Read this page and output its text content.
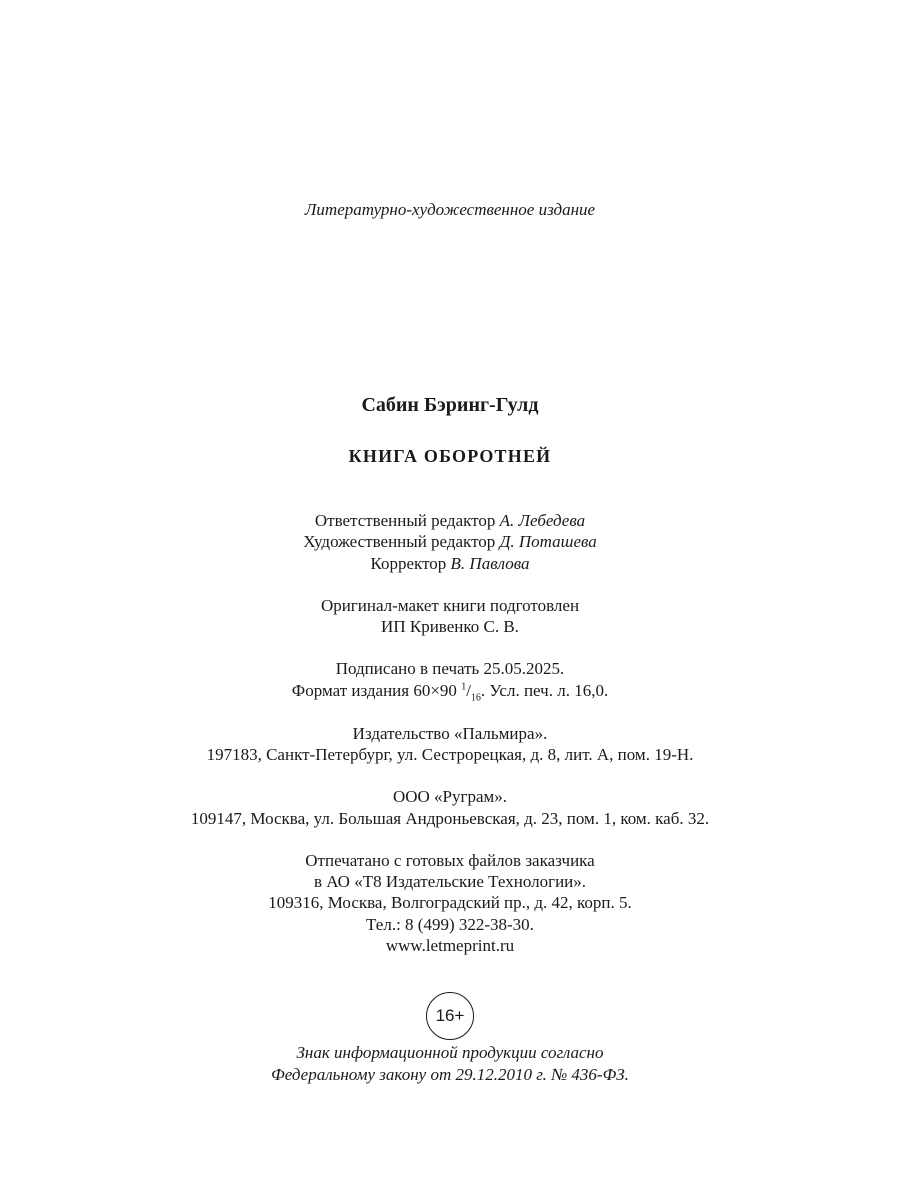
Литературно-художественное издание
Сабин Бэринг-Гулд
КНИГА ОБОРОТНЕЙ
Ответственный редактор А. Лебедева
Художественный редактор Д. Поташева
Корректор В. Павлова
Оригинал-макет книги подготовлен
ИП Кривенко С. В.
Подписано в печать 25.05.2025.
Формат издания 60×90 $^1/_{16}$. Усл. печ. л. 16,0.
Издательство «Пальмира».
197183, Санкт-Петербург, ул. Сестрорецкая, д. 8, лит. А, пом. 19-Н.
ООО «Руграм».
109147, Москва, ул. Большая Андроньевская, д. 23, пом. 1, ком. каб. 32.
Отпечатано с готовых файлов заказчика
в АО «Т8 Издательские Технологии».
109316, Москва, Волгоградский пр., д. 42, корп. 5.
Тел.: 8 (499) 322-38-30.
www.letmeprint.ru
16+
Знак информационной продукции согласно
Федеральному закону от 29.12.2010 г. № 436-ФЗ.
